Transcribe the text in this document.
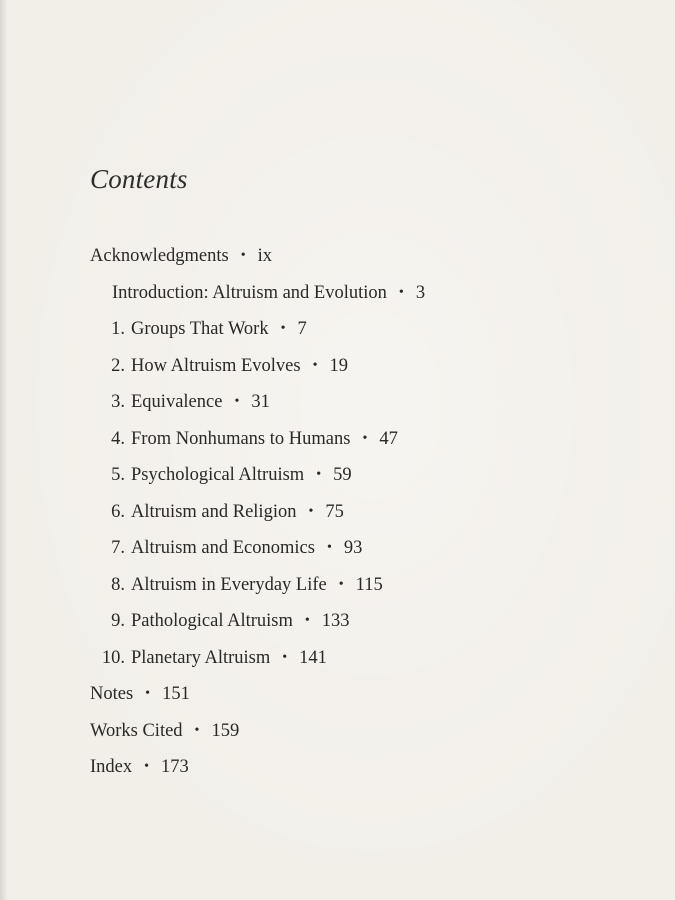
Contents
Acknowledgments • ix
Introduction: Altruism and Evolution • 3
1. Groups That Work • 7
2. How Altruism Evolves • 19
3. Equivalence • 31
4. From Nonhumans to Humans • 47
5. Psychological Altruism • 59
6. Altruism and Religion • 75
7. Altruism and Economics • 93
8. Altruism in Everyday Life • 115
9. Pathological Altruism • 133
10. Planetary Altruism • 141
Notes • 151
Works Cited • 159
Index • 173
